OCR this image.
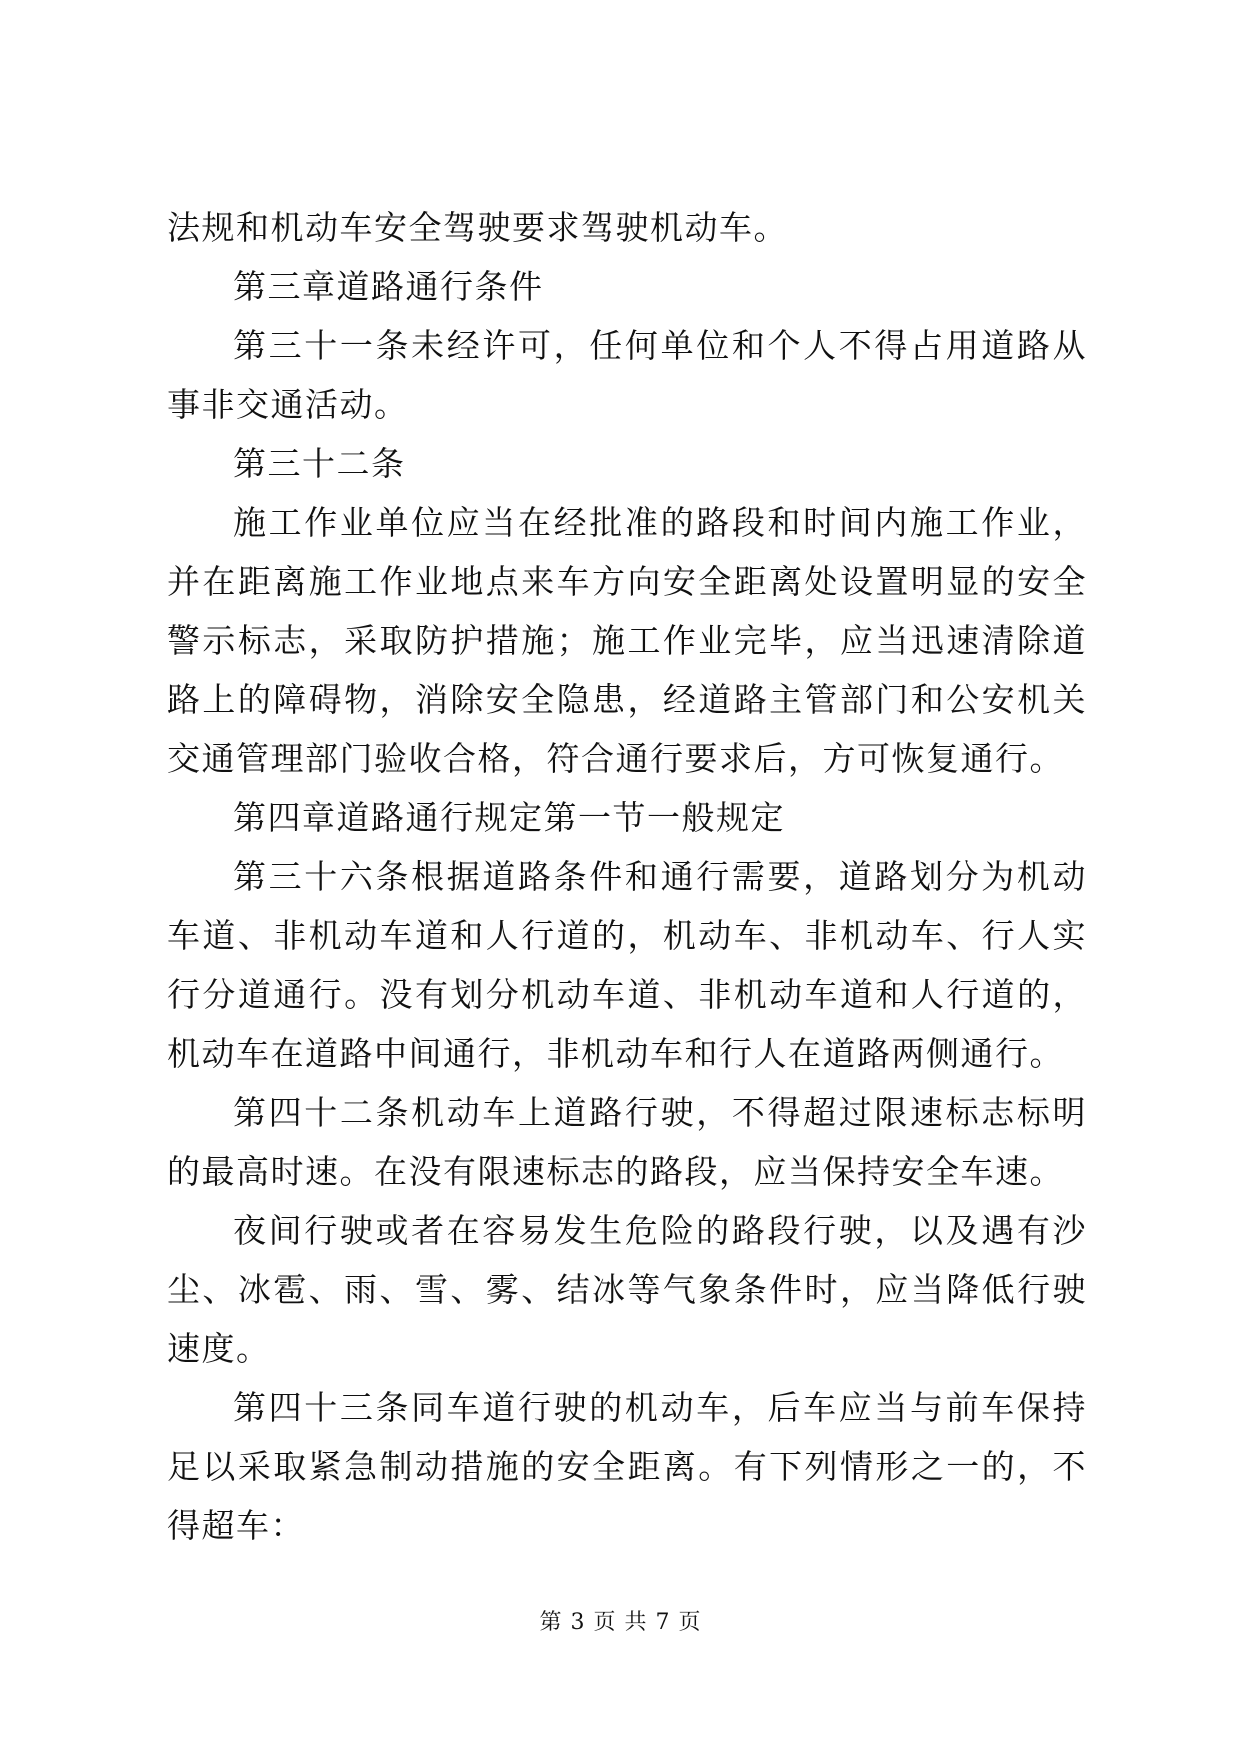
法规和机动车安全驾驶要求驾驶机动车。

第三章道路通行条件

第三十一条未经许可，任何单位和个人不得占用道路从事非交通活动。

第三十二条

施工作业单位应当在经批准的路段和时间内施工作业，并在距离施工作业地点来车方向安全距离处设置明显的安全警示标志，采取防护措施；施工作业完毕，应当迅速清除道路上的障碍物，消除安全隐患，经道路主管部门和公安机关交通管理部门验收合格，符合通行要求后，方可恢复通行。

第四章道路通行规定第一节一般规定

第三十六条根据道路条件和通行需要，道路划分为机动车道、非机动车道和人行道的，机动车、非机动车、行人实行分道通行。没有划分机动车道、非机动车道和人行道的，机动车在道路中间通行，非机动车和行人在道路两侧通行。

第四十二条机动车上道路行驶，不得超过限速标志标明的最高时速。在没有限速标志的路段，应当保持安全车速。

夜间行驶或者在容易发生危险的路段行驶，以及遇有沙尘、冰雹、雨、雪、雾、结冰等气象条件时，应当降低行驶速度。

第四十三条同车道行驶的机动车，后车应当与前车保持足以采取紧急制动措施的安全距离。有下列情形之一的，不得超车：

第 3 页 共 7 页
